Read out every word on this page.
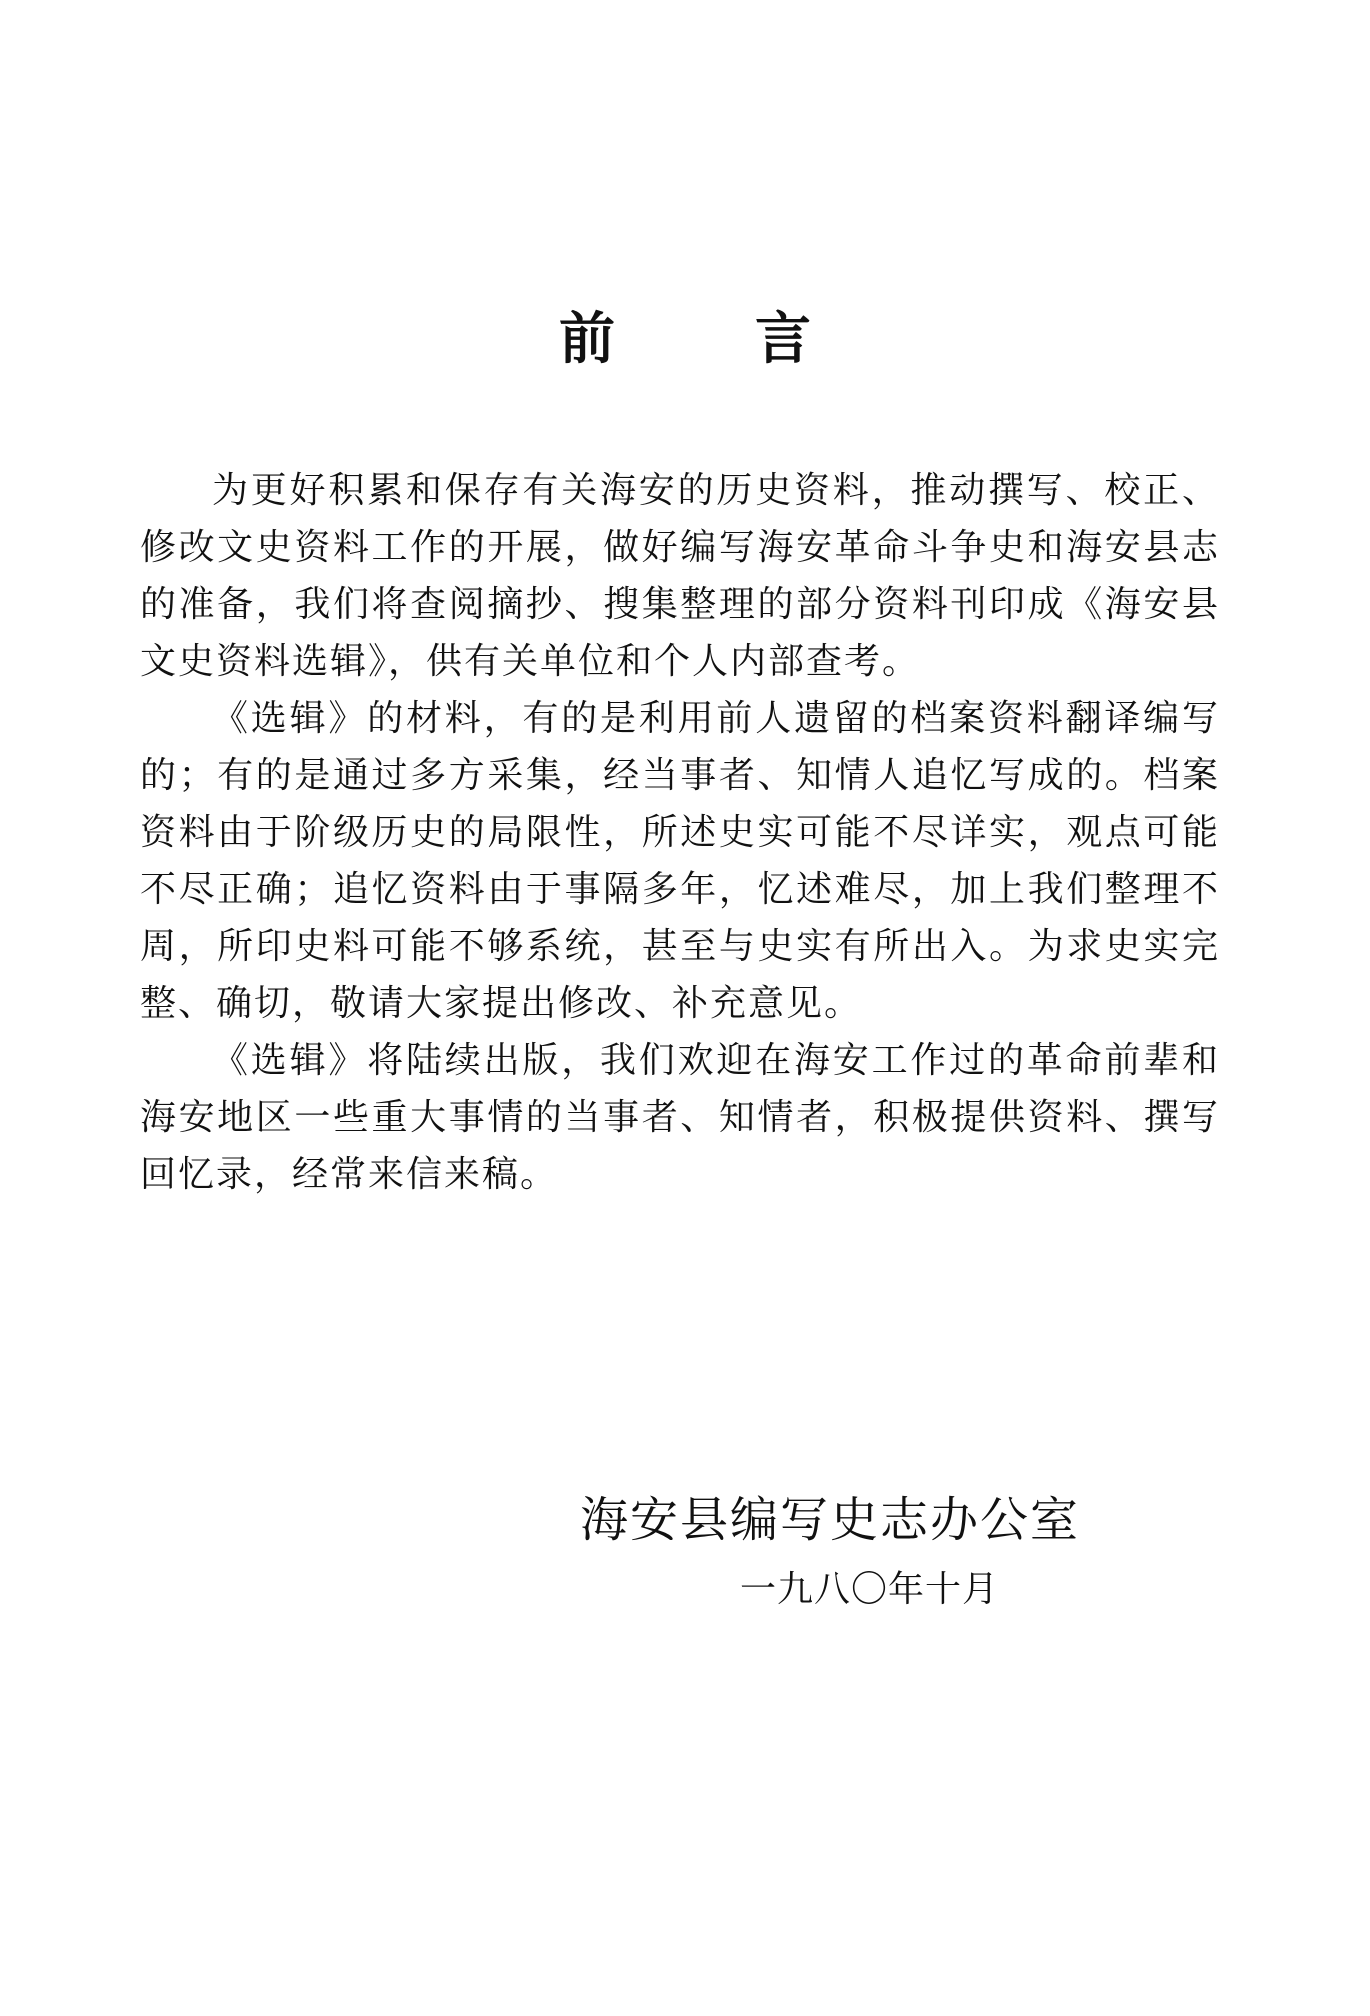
前	言

为更好积累和保存有关海安的历史资料，推动撰写、校正、修改文史资料工作的开展，做好编写海安革命斗争史和海安县志的准备，我们将查阅摘抄、搜集整理的部分资料刊印成《海安县文史资料选辑》，供有关单位和个人内部查考。

《选辑》的材料，有的是利用前人遗留的档案资料翻译编写的；有的是通过多方采集，经当事者、知情人追忆写成的。档案资料由于阶级历史的局限性，所述史实可能不尽详实，观点可能不尽正确；追忆资料由于事隔多年，忆述难尽，加上我们整理不周，所印史料可能不够系统，甚至与史实有所出入。为求史实完整、确切，敬请大家提出修改、补充意见。

《选辑》将陆续出版，我们欢迎在海安工作过的革命前辈和海安地区一些重大事情的当事者、知情者，积极提供资料、撰写回忆录，经常来信来稿。

海安县编写史志办公室
一九八〇年十月
